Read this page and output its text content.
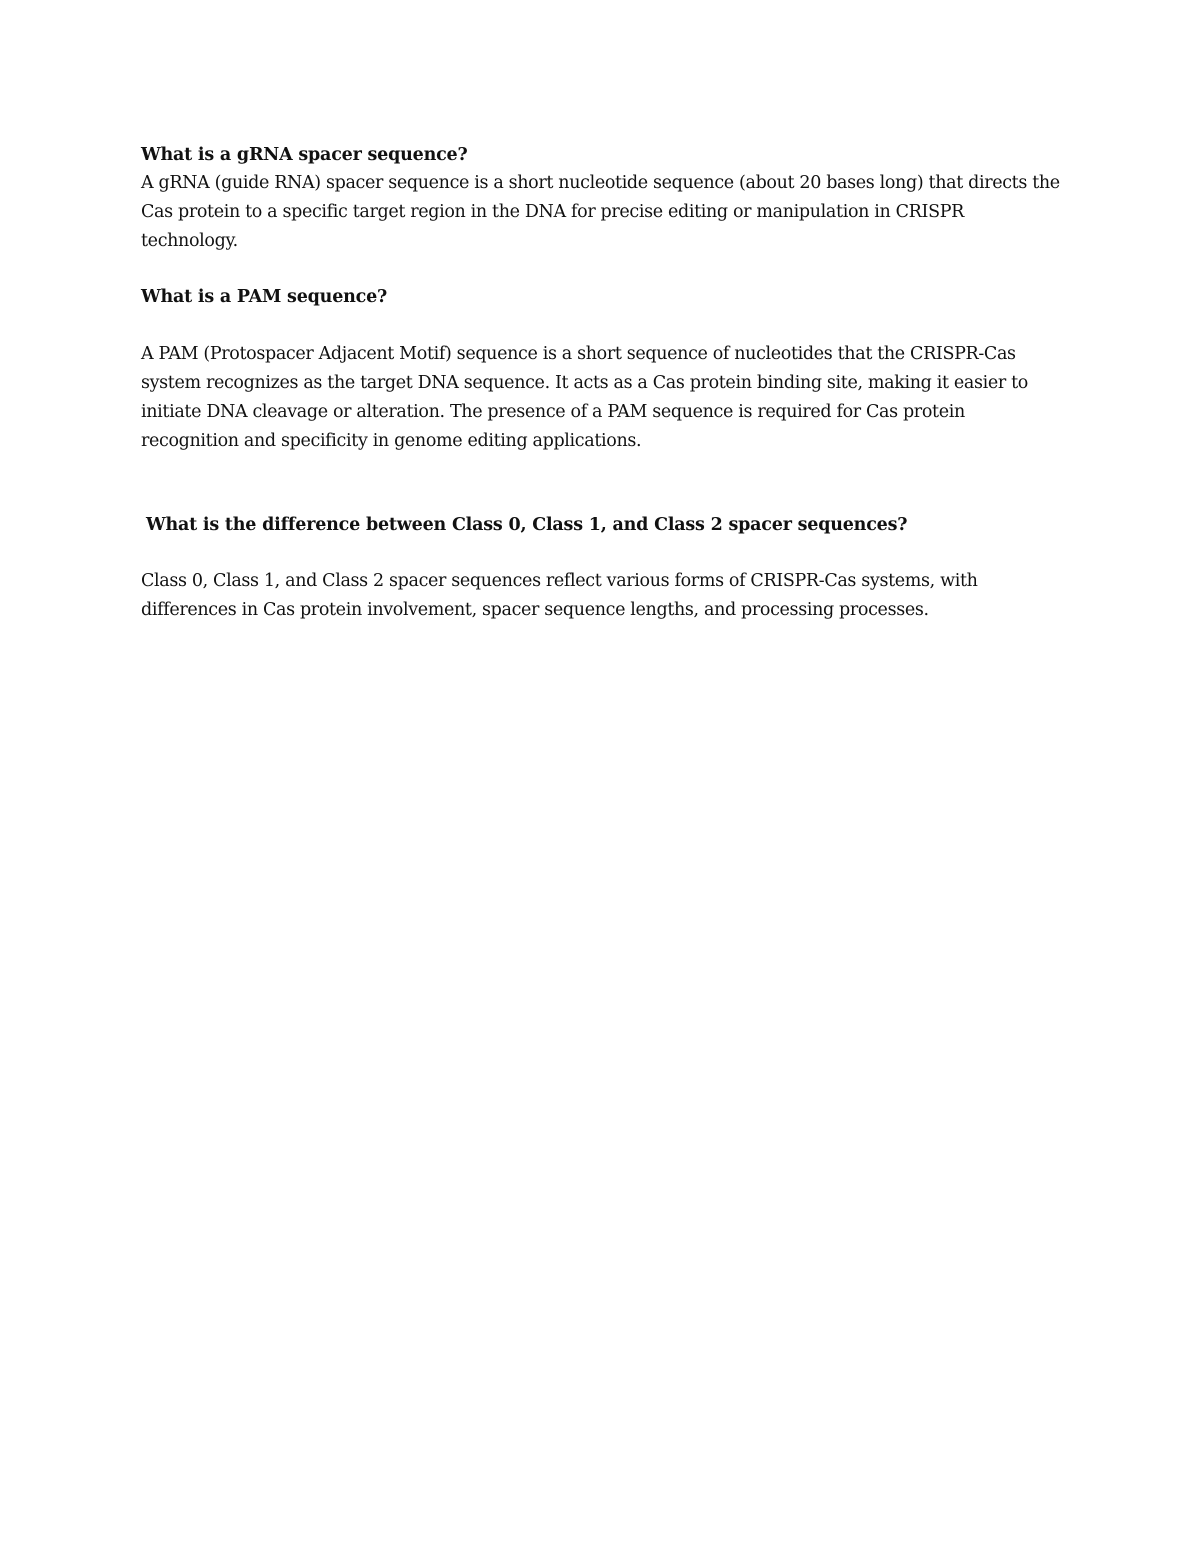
What is a gRNA spacer sequence?

A gRNA (guide RNA) spacer sequence is a short nucleotide sequence (about 20 bases long) that directs the Cas protein to a specific target region in the DNA for precise editing or manipulation in CRISPR technology.

What is a PAM sequence?

A PAM (Protospacer Adjacent Motif) sequence is a short sequence of nucleotides that the CRISPR-Cas system recognizes as the target DNA sequence. It acts as a Cas protein binding site, making it easier to initiate DNA cleavage or alteration. The presence of a PAM sequence is required for Cas protein recognition and specificity in genome editing applications.

What is the difference between Class 0, Class 1, and Class 2 spacer sequences?

Class 0, Class 1, and Class 2 spacer sequences reflect various forms of CRISPR-Cas systems, with differences in Cas protein involvement, spacer sequence lengths, and processing processes.
